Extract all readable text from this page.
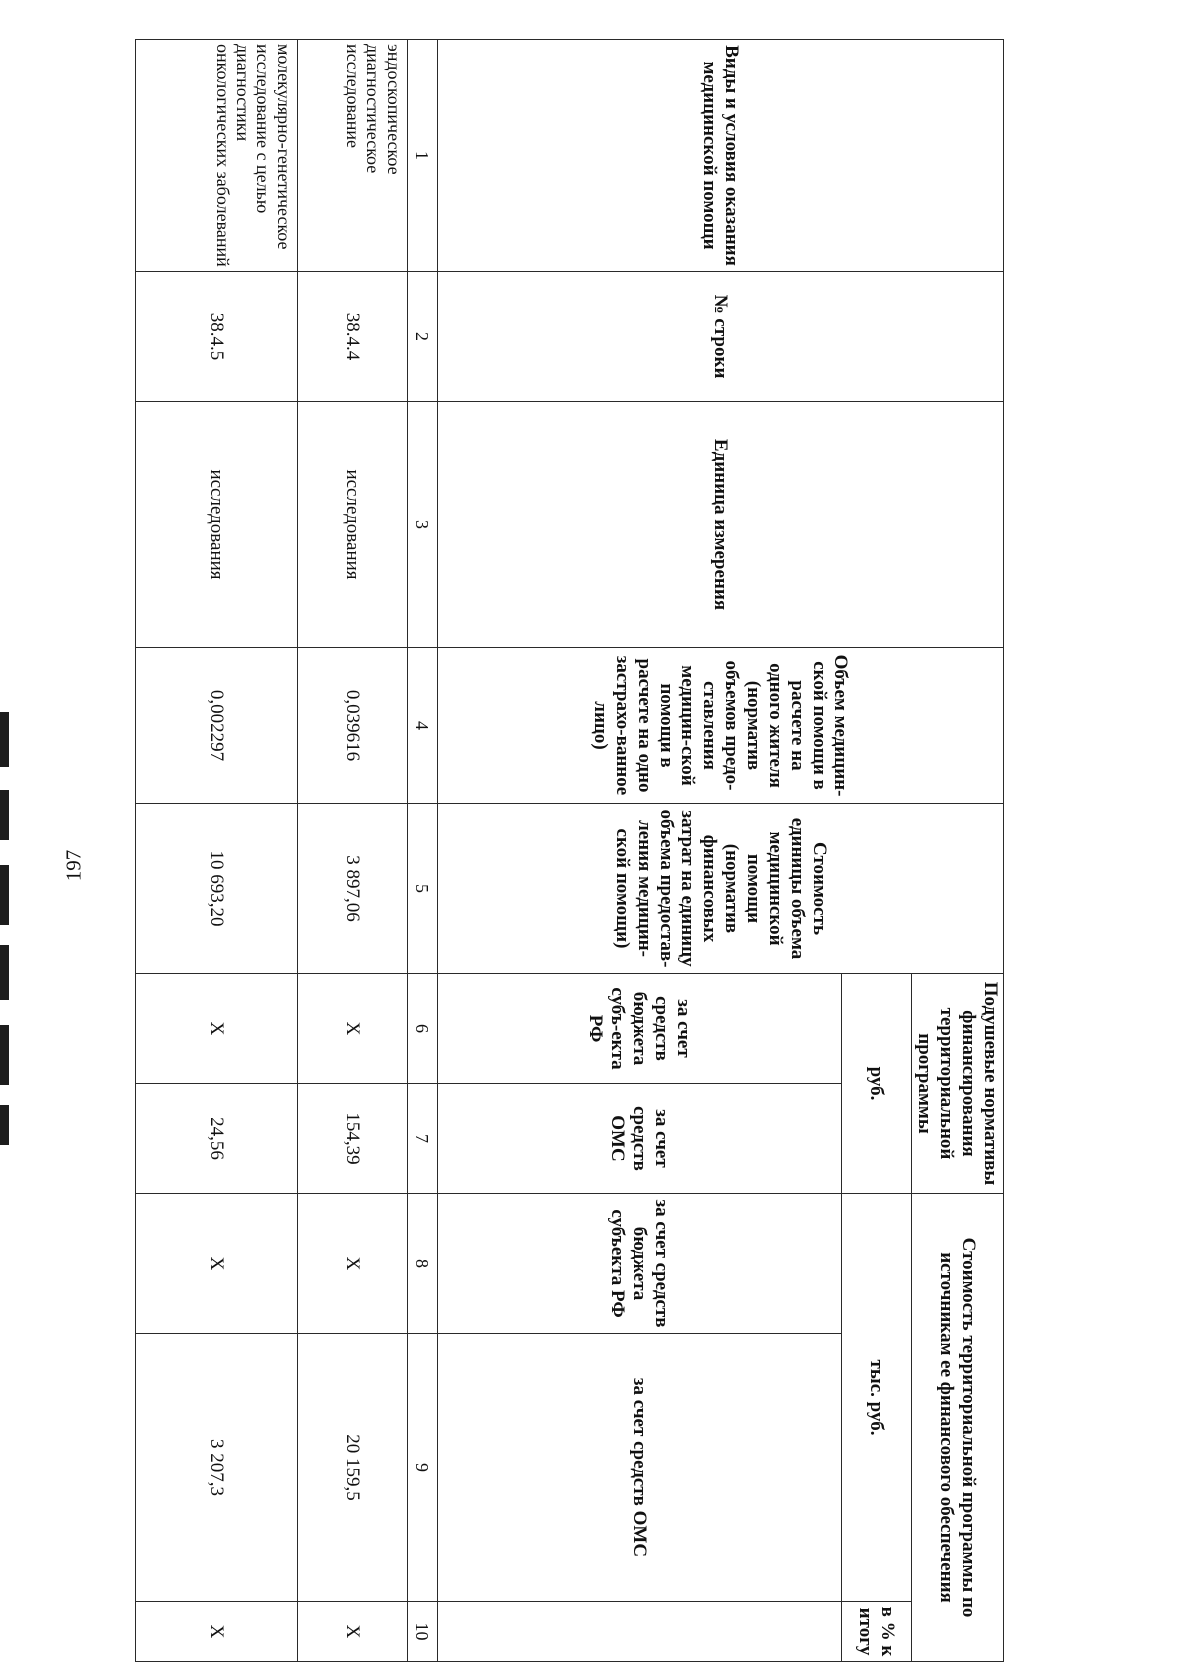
197
Виды и условия оказания медицинской помощи	№ строки	Единица измерения	Объем медицин-ской помощи в расчете на одного жителя (норматив объемов предо-ставления медицин-ской помощи в расчете на одно застрахо-ванное лицо)	Стоимость единицы объема медицинской помощи (норматив финансовых затрат на единицу объема предостав-ления медицин-ской помощи)	Подушевые нормативы финансирования территориальной программы		Стоимость территориальной программы по источникам ее финансового обеспечения		
					руб.		тыс. руб.		в % к итогу
					за счет средств бюджета субъ-екта РФ	за счет средств ОМС	за счет средств бюджета субъекта РФ	за счет средств ОМС	
1	2	3	4	5	6	7	8	9	10
эндоскопическое диагностическое исследование	38.4.4	исследования	0,039616	3 897,06	Х	154,39	Х	20 159,5	Х
молекулярно-генетическое исследование с целью диагностики онкологических заболеваний	38.4.5	исследования	0,002297	10 693,20	Х	24,56	Х	3 207,3	Х
